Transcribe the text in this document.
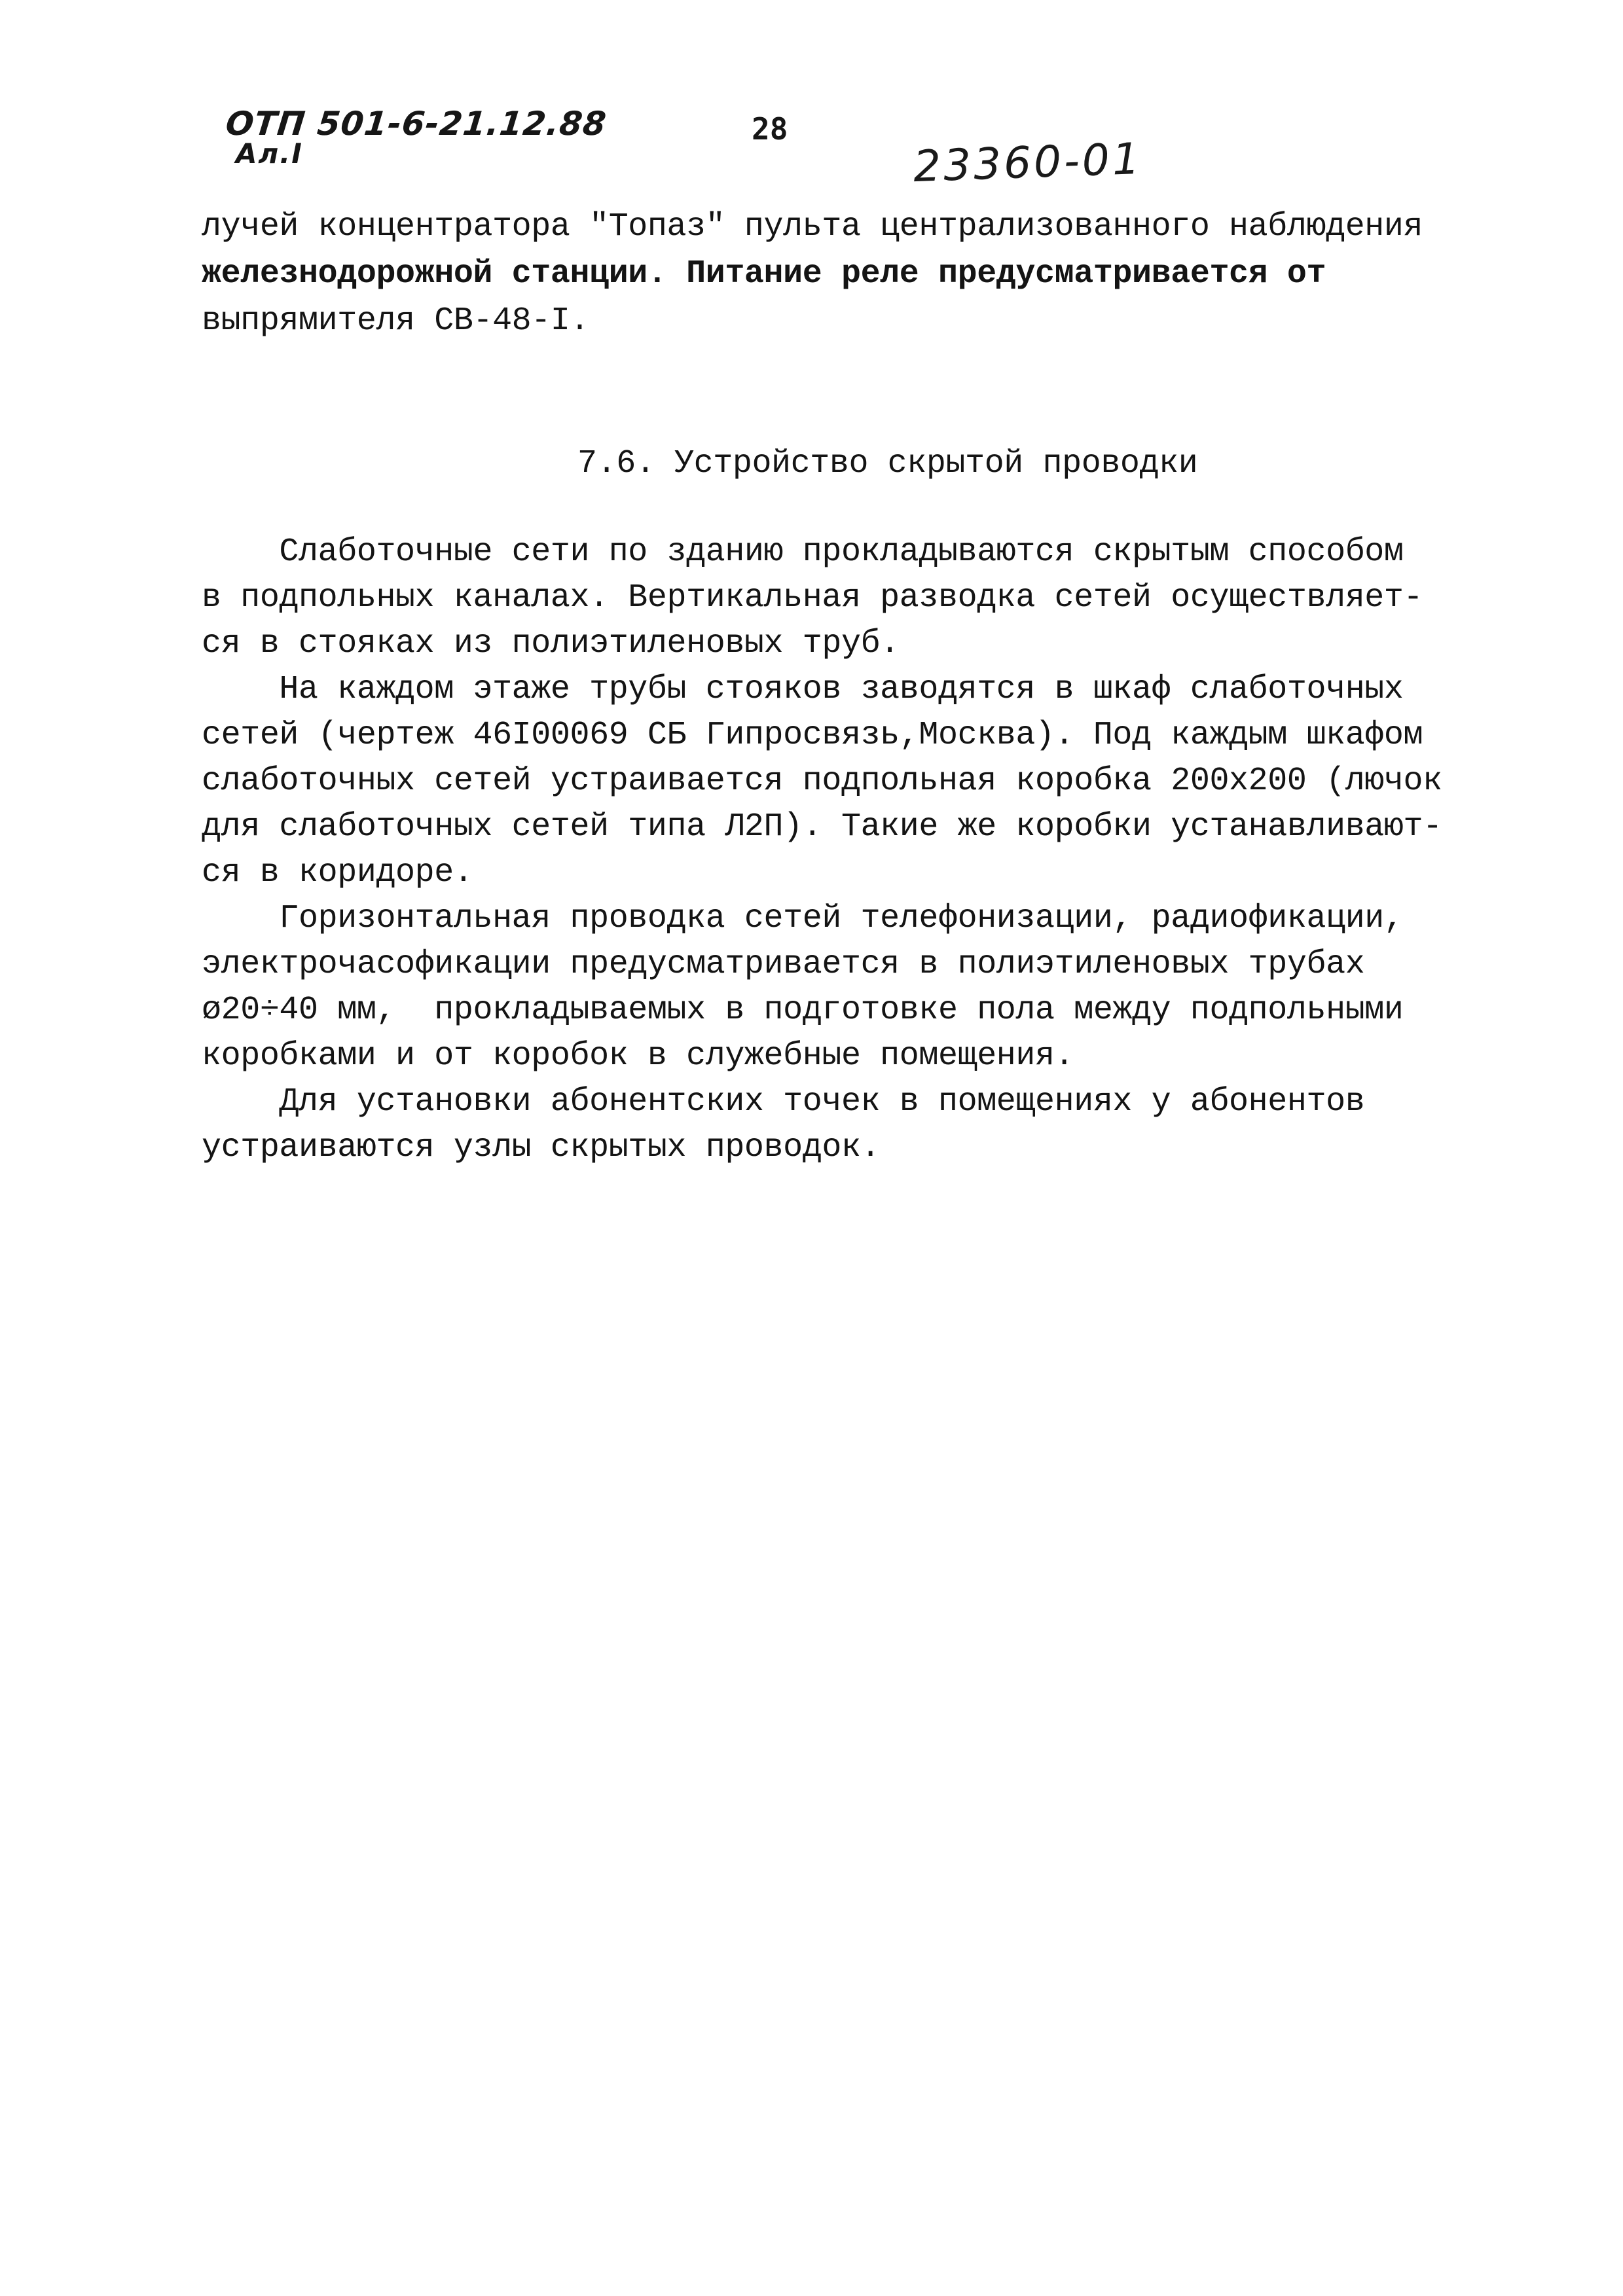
ОТП 501-6-21.12.88
Ал.I
28
23360-01

лучей концентратора "Топаз" пульта централизованного наблюдения

железнодорожной станции. Питание реле предусматривается от

выпрямителя СВ-48-I.

7.6. Устройство скрытой проводки

Слаботочные сети по зданию прокладываются скрытым способом

в подпольных каналах. Вертикальная разводка сетей осуществляет-

ся в стояках из полиэтиленовых труб.

На каждом этаже трубы стояков заводятся в шкаф слаботочных

сетей (чертеж 46I00069 СБ Гипросвязь,Москва). Под каждым шкафом

слаботочных сетей устраивается подпольная коробка 200х200 (лючок

для слаботочных сетей типа Л2П). Такие же коробки устанавливают-

ся в коридоре.

Горизонтальная проводка сетей телефонизации, радиофикации,

электрочасофикации предусматривается в полиэтиленовых трубах

ø20÷40 мм,  прокладываемых в подготовке пола между подпольными

коробками и от коробок в служебные помещения.

Для установки абонентских точек в помещениях у абонентов

устраиваются узлы скрытых проводок.
